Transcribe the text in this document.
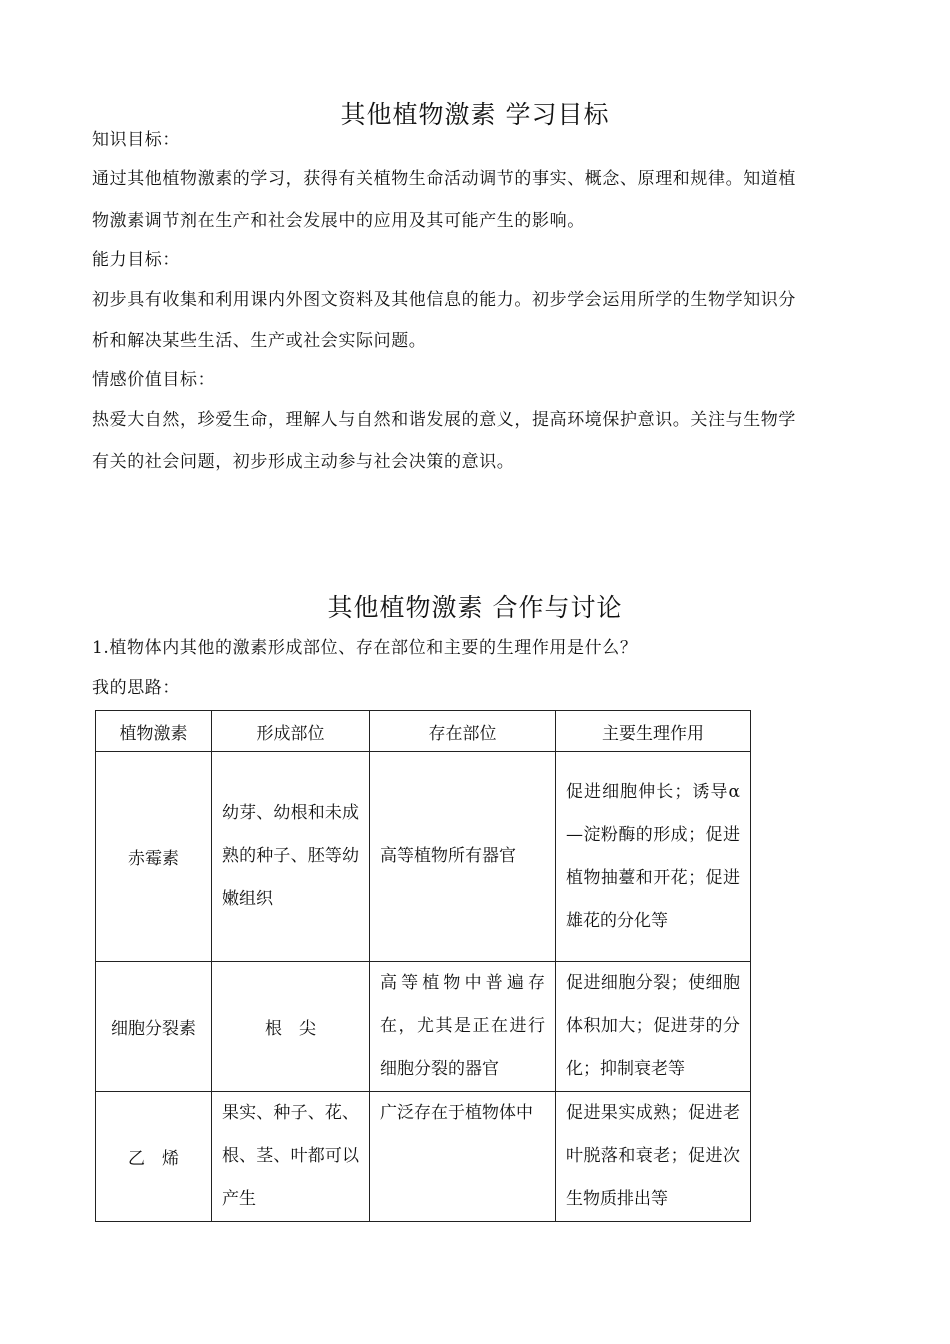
其他植物激素 学习目标
知识目标：
通过其他植物激素的学习，获得有关植物生命活动调节的事实、概念、原理和规律。知道植
物激素调节剂在生产和社会发展中的应用及其可能产生的影响。
能力目标：
初步具有收集和利用课内外图文资料及其他信息的能力。初步学会运用所学的生物学知识分
析和解决某些生活、生产或社会实际问题。
情感价值目标：
热爱大自然，珍爱生命，理解人与自然和谐发展的意义，提高环境保护意识。关注与生物学
有关的社会问题，初步形成主动参与社会决策的意识。
其他植物激素 合作与讨论
1.植物体内其他的激素形成部位、存在部位和主要的生理作用是什么？
我的思路：
植物激素	形成部位	存在部位	主要生理作用
赤霉素	幼芽、幼根和未成熟的种子、胚等幼嫩组织	高等植物所有器官	促进细胞伸长；诱导α—淀粉酶的形成；促进植物抽薹和开花；促进雄花的分化等
细胞分裂素	根　尖	高等植物中普遍存在，尤其是正在进行细胞分裂的器官	促进细胞分裂；使细胞体积加大；促进芽的分化；抑制衰老等
乙　烯	果实、种子、花、根、茎、叶都可以产生	广泛存在于植物体中	促进果实成熟；促进老叶脱落和衰老；促进次生物质排出等
